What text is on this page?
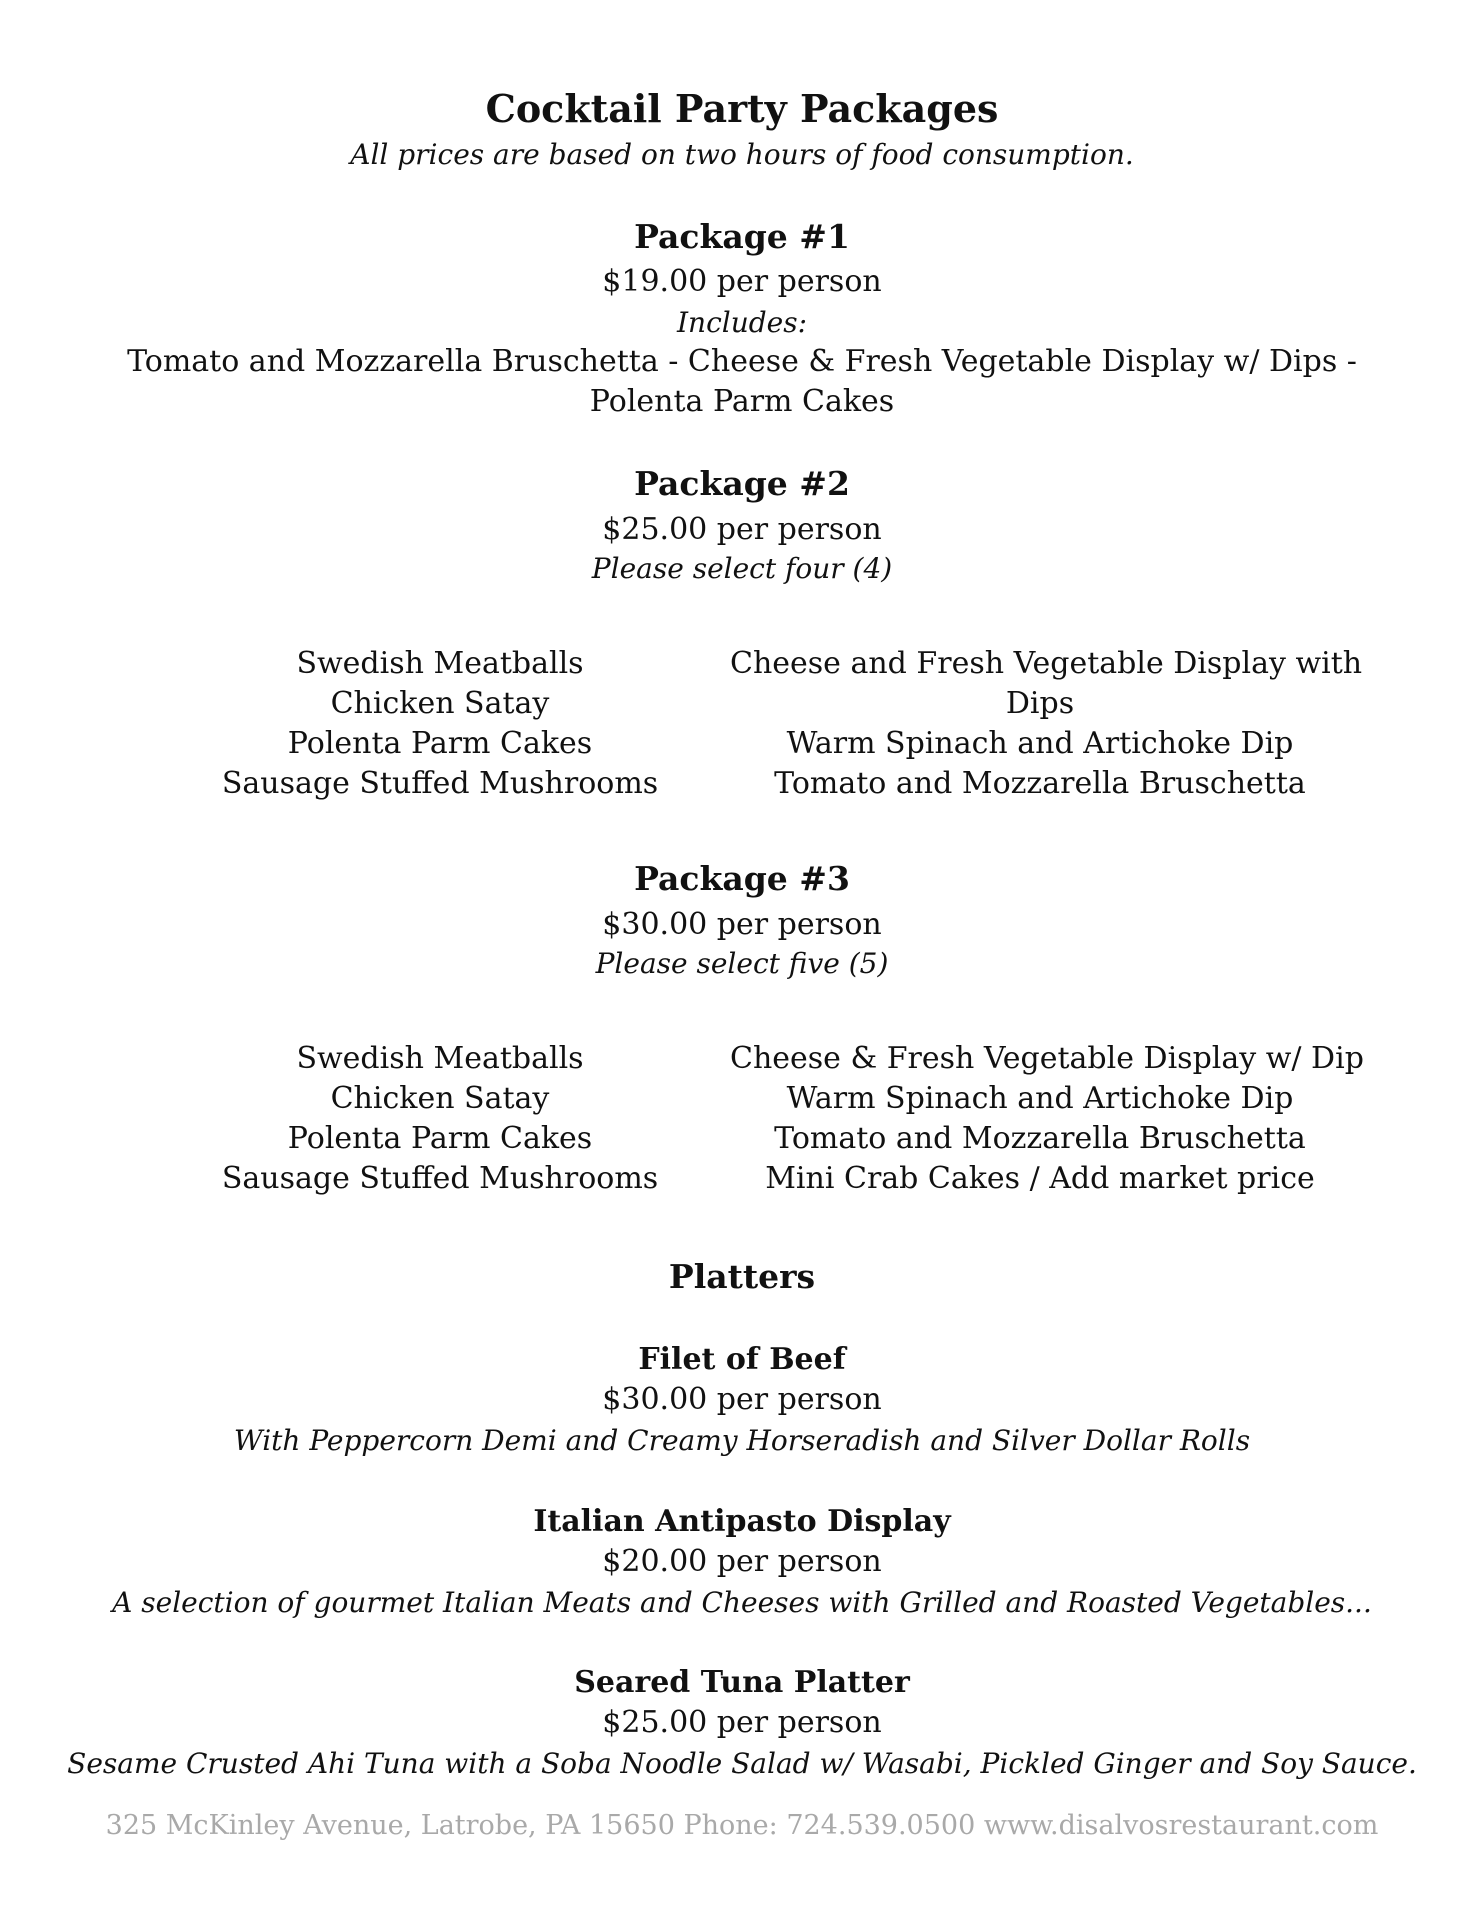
Cocktail Party Packages
All prices are based on two hours of food consumption.
Package #1
$19.00 per person
Includes:
Tomato and Mozzarella Bruschetta - Cheese & Fresh Vegetable Display w/ Dips -
Polenta Parm Cakes
Package #2
$25.00 per person
Please select four (4)
Swedish Meatballs
Chicken Satay
Polenta Parm Cakes
Sausage Stuffed Mushrooms
Cheese and Fresh Vegetable Display with
Dips
Warm Spinach and Artichoke Dip
Tomato and Mozzarella Bruschetta
Package #3
$30.00 per person
Please select five (5)
Swedish Meatballs
Chicken Satay
Polenta Parm Cakes
Sausage Stuffed Mushrooms
Cheese & Fresh Vegetable Display w/ Dip
Warm Spinach and Artichoke Dip
Tomato and Mozzarella Bruschetta
Mini Crab Cakes / Add market price
Platters
Filet of Beef
$30.00 per person
With Peppercorn Demi and Creamy Horseradish and Silver Dollar Rolls
Italian Antipasto Display
$20.00 per person
A selection of gourmet Italian Meats and Cheeses with Grilled and Roasted Vegetables...
Seared Tuna Platter
$25.00 per person
Sesame Crusted Ahi Tuna with a Soba Noodle Salad w/ Wasabi, Pickled Ginger and Soy Sauce.
325 McKinley Avenue, Latrobe, PA 15650 Phone: 724.539.0500 www.disalvosrestaurant.com
